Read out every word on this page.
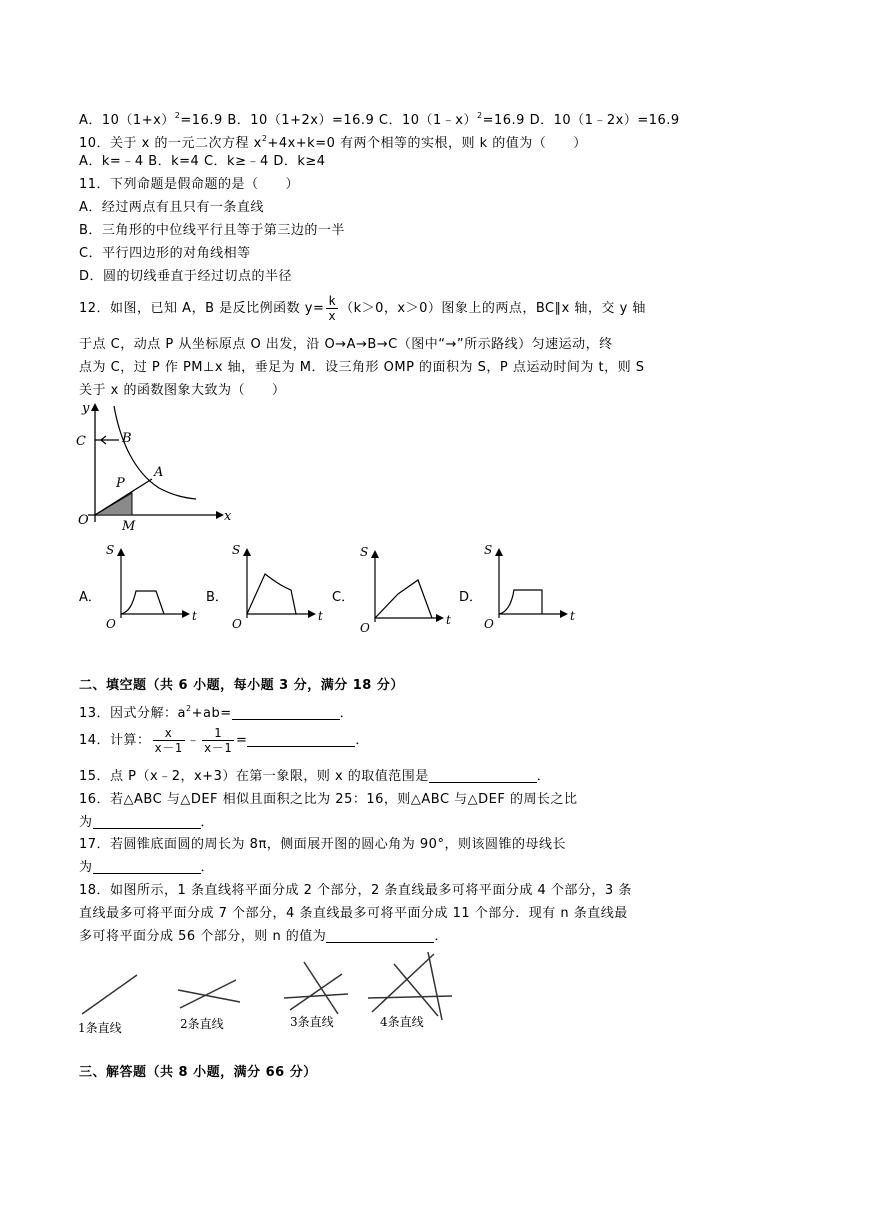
A．$10(1+x)^2=16.9$ B．10（1+2x）=16.9 C．10（1﹣x）$^2$=16.9 D．10（1﹣2x）=16.9
10．关于 x 的一元二次方程 $x^2+4x+k=0$ 有两个相等的实根，则 k 的值为（　　）
A．k=﹣4 B．k=4 C．k≥﹣4 D．k≥4
11．下列命题是假命题的是（　　）
A．经过两点有且只有一条直线
B．三角形的中位线平行且等于第三边的一半
C．平行四边形的对角线相等
D．圆的切线垂直于经过切点的半径
12．如图，已知 A，B 是反比例函数 $y= \frac{k}{x} (k>0$，x＞0）图象上的两点，BC∥x 轴，交 y 轴
于点 C，动点 P 从坐标原点 O 出发，沿 O→A→B→C（图中“→”所示路线）匀速运动，终
点为 C，过 P 作 PM⊥x 轴，垂足为 M．设三角形 OMP 的面积为 S，P 点运动时间为 t，则 S
关于 x 的函数图象大致为（　　）
y
x
C	B
A
P
O	M
A．
S
t
O
B．
S
t
O
C．
S
t
O
D．
S
t
O
二、填空题（共 6 小题，每小题 3 分，满分 18 分）
13．因式分解：$a^2+ab=$	．
14．计算： $\frac{x}{x-1}$ ﹣ $\frac{1}{x-1}$ =	．
15．点 P（x﹣2，x+3）在第一象限，则 x 的取值范围是	．
16．若△ABC 与△DEF 相似且面积之比为 25：16，则△ABC 与△DEF 的周长之比
为	．
17．若圆锥底面圆的周长为 8π，侧面展开图的圆心角为 90°，则该圆锥的母线长
为	．
18．如图所示，1 条直线将平面分成 2 个部分，2 条直线最多可将平面分成 4 个部分，3 条
直线最多可将平面分成 7 个部分，4 条直线最多可将平面分成 11 个部分．现有 n 条直线最
多可将平面分成 56 个部分，则 n 的值为	．
1条直线	2条直线	3条直线	4条直线
三、解答题（共 8 小题，满分 66 分）
